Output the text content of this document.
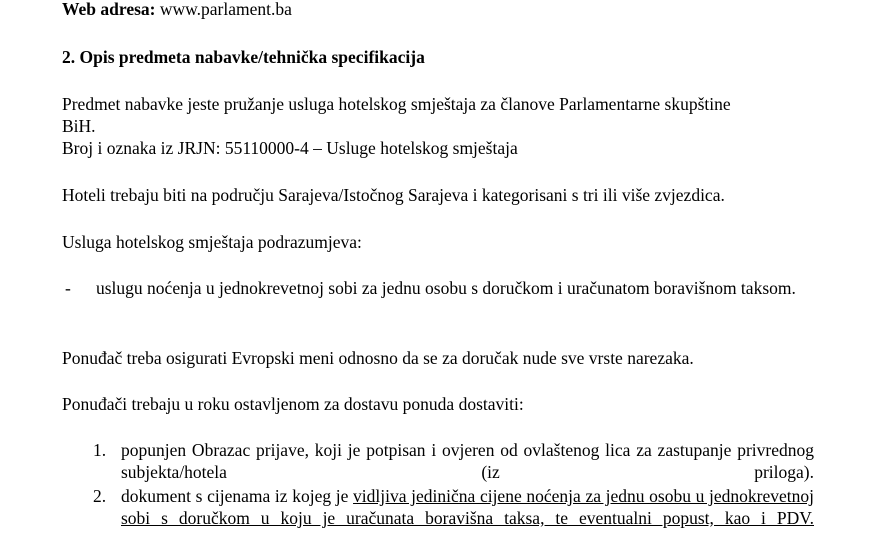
Web adresa: www.parlament.ba
2. Opis predmeta nabavke/tehnička specifikacija
Predmet nabavke jeste pružanje usluga hotelskog smještaja za članove Parlamentarne skupštine
BiH.
Broj i oznaka iz JRJN: 55110000-4 – Usluge hotelskog smještaja
Hoteli trebaju biti na području Sarajeva/Istočnog Sarajeva i kategorisani s tri ili više zvjezdica.
Usluga hotelskog smještaja podrazumjeva:
- uslugu noćenja u jednokrevetnoj sobi za jednu osobu s doručkom i uračunatom boravišnom taksom.

Ponuđač treba osigurati Evropski meni odnosno da se za doručak nude sve vrste narezaka.
Ponuđači trebaju u roku ostavljenom za dostavu ponuda dostaviti:
1. popunjen Obrazac prijave, koji je potpisan i ovjeren od ovlaštenog lica za zastupanje privrednog subjekta/hotela (iz priloga).

2. dokument s cijenama iz kojeg je vidljiva jedinična cijene noćenja za jednu osobu u jednokrevetnoj sobi s doručkom u koju je uračunata boravišna taksa, te eventualni popust, kao i PDV.
